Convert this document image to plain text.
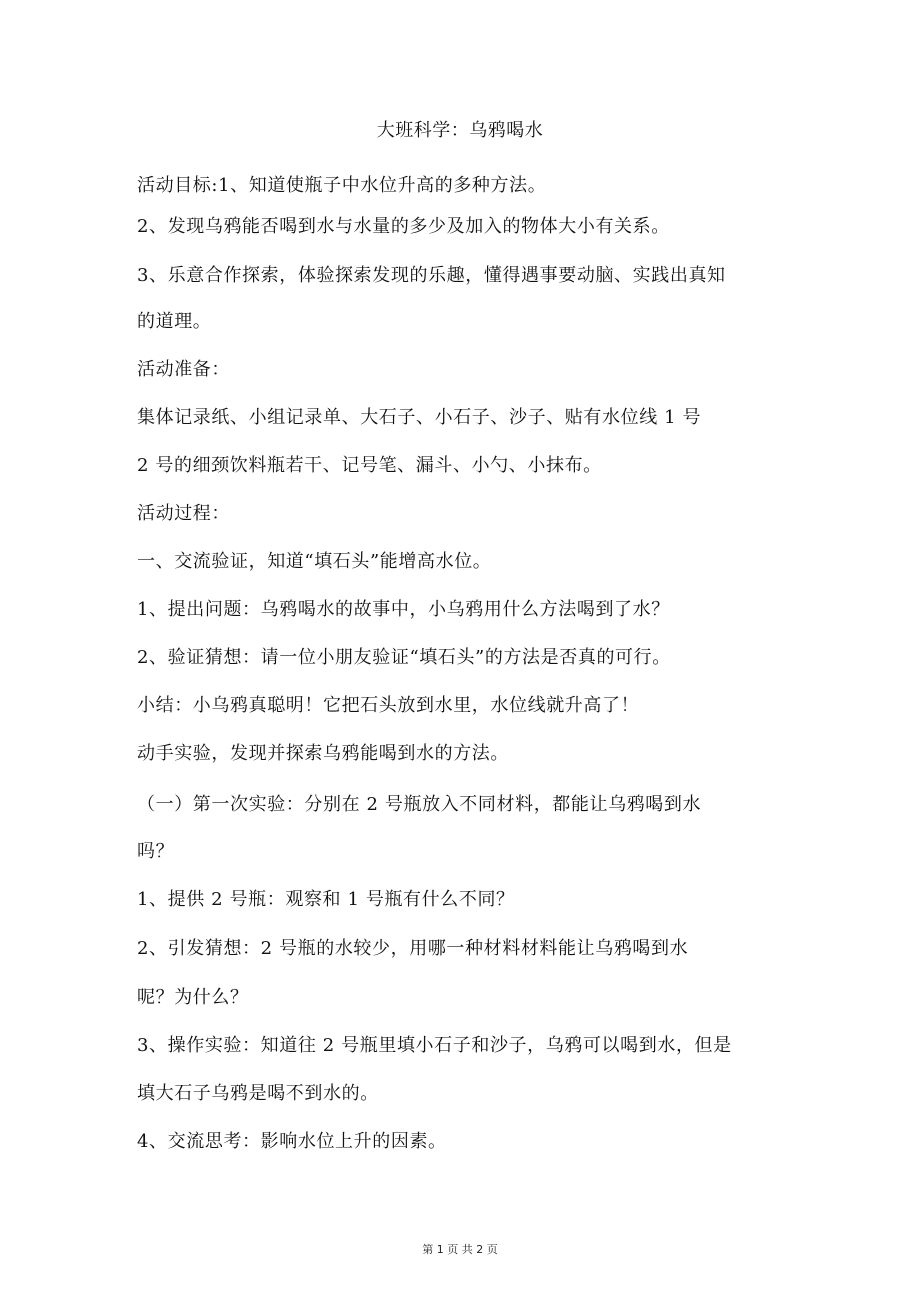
大班科学：乌鸦喝水
活动目标:1、知道使瓶子中水位升高的多种方法。
2、发现乌鸦能否喝到水与水量的多少及加入的物体大小有关系。
3、乐意合作探索，体验探索发现的乐趣，懂得遇事要动脑、实践出真知
的道理。
活动准备：
集体记录纸、小组记录单、大石子、小石子、沙子、贴有水位线 1 号
2 号的细颈饮料瓶若干、记号笔、漏斗、小勺、小抹布。
活动过程：
一、交流验证，知道“填石头”能增高水位。
1、提出问题：乌鸦喝水的故事中，小乌鸦用什么方法喝到了水？
2、验证猜想：请一位小朋友验证“填石头”的方法是否真的可行。
小结：小乌鸦真聪明！它把石头放到水里，水位线就升高了！
动手实验，发现并探索乌鸦能喝到水的方法。
（一）第一次实验：分别在 2 号瓶放入不同材料，都能让乌鸦喝到水
吗？
1、提供 2 号瓶：观察和 1 号瓶有什么不同？
2、引发猜想：2 号瓶的水较少，用哪一种材料材料能让乌鸦喝到水
呢？为什么？
3、操作实验：知道往 2 号瓶里填小石子和沙子，乌鸦可以喝到水，但是
填大石子乌鸦是喝不到水的。
4、交流思考：影响水位上升的因素。
第 1 页 共 2 页
